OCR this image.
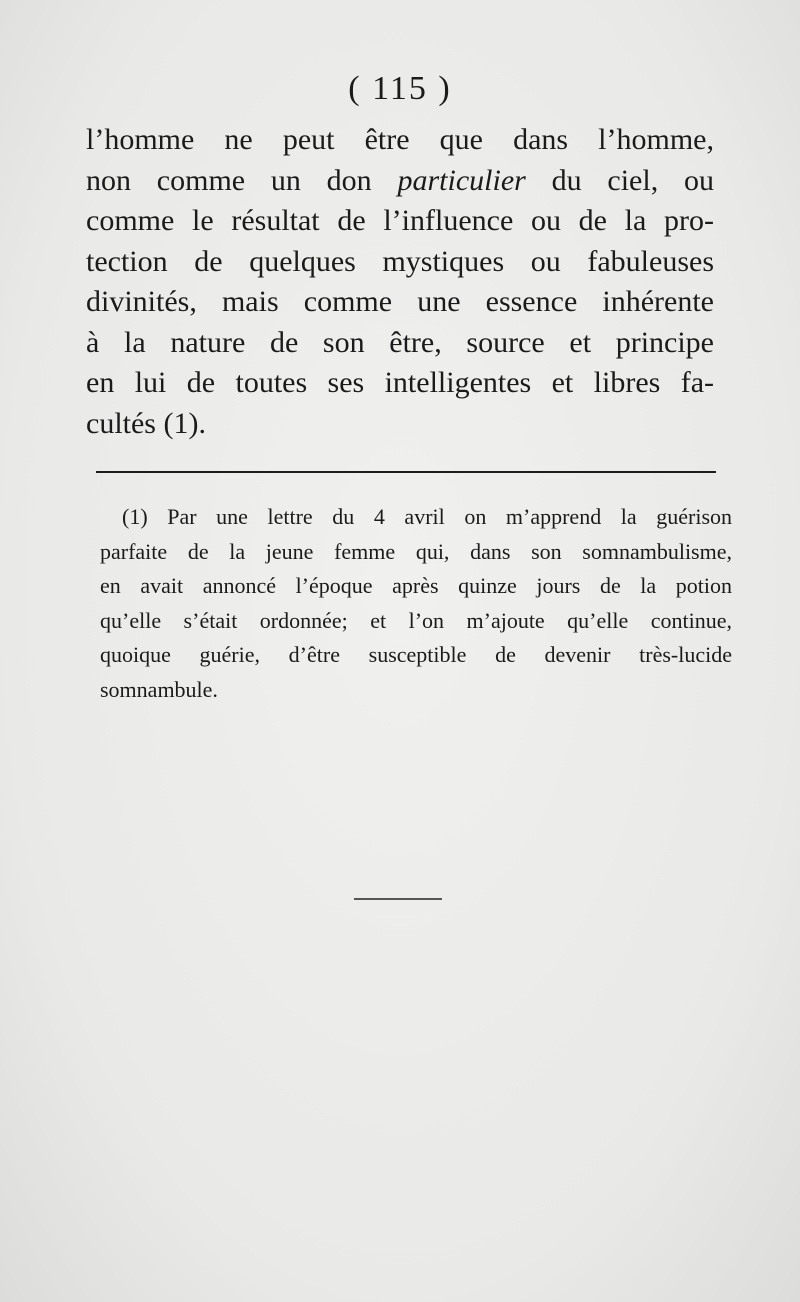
( 115 )
l’homme ne peut être que dans l’homme,
non comme un don particulier du ciel, ou
comme le résultat de l’influence ou de la pro-
tection de quelques mystiques ou fabuleuses
divinités, mais comme une essence inhérente
à la nature de son être, source et principe
en lui de toutes ses intelligentes et libres fa-
cultés (1).
(1) Par une lettre du 4 avril on m’apprend la guérison
parfaite de la jeune femme qui, dans son somnambulisme,
en avait annoncé l’époque après quinze jours de la potion
qu’elle s’était ordonnée; et l’on m’ajoute qu’elle continue,
quoique guérie, d’être susceptible de devenir très-lucide
somnambule.
